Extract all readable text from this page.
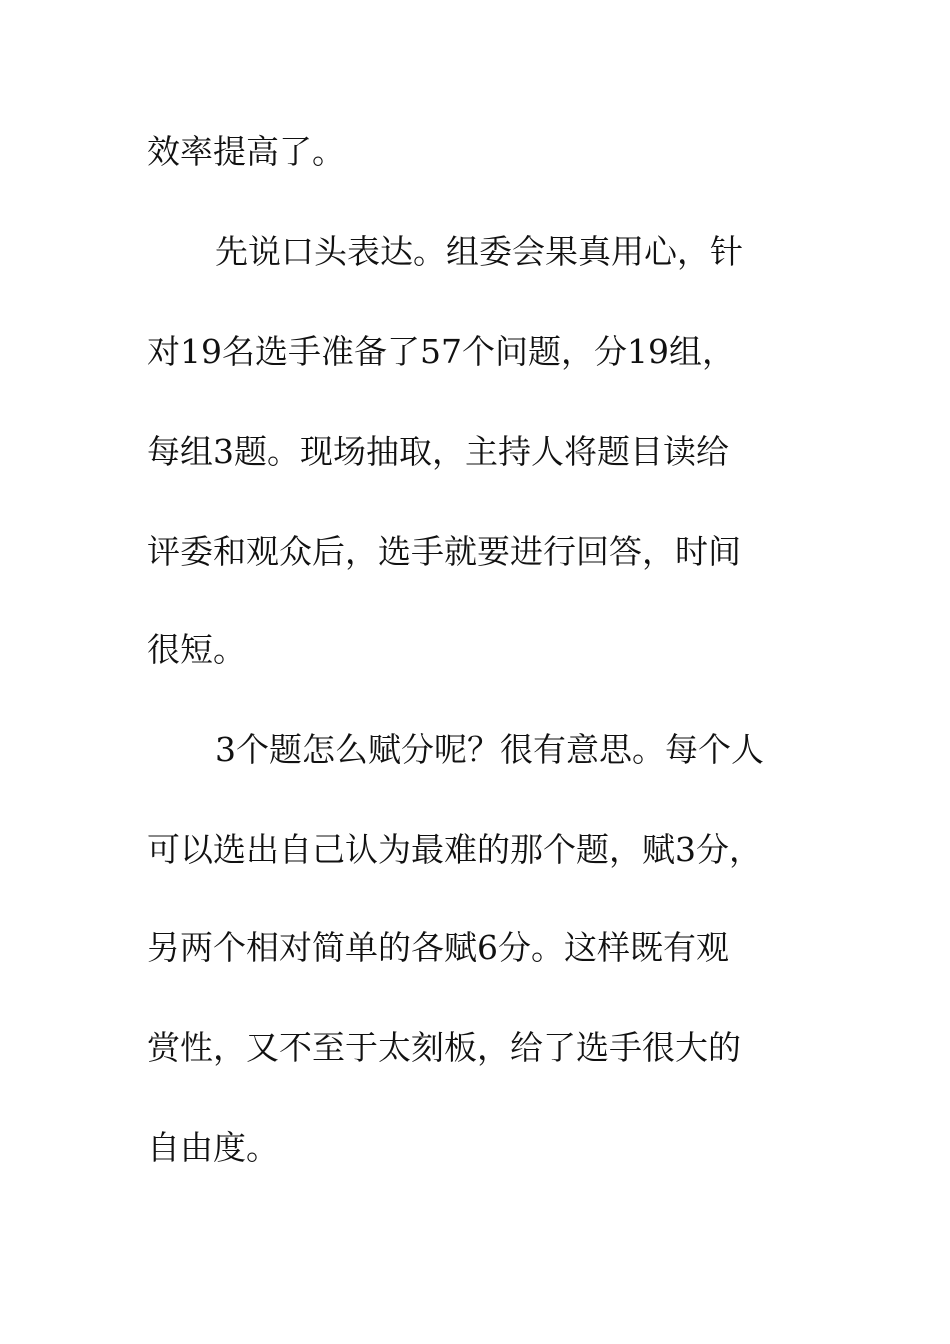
效率提高了。

先说口头表达。组委会果真用心，针

对19名选手准备了57个问题，分19组，

每组3题。现场抽取，主持人将题目读给

评委和观众后，选手就要进行回答，时间

很短。

3个题怎么赋分呢？很有意思。每个人

可以选出自己认为最难的那个题，赋3分，

另两个相对简单的各赋6分。这样既有观

赏性，又不至于太刻板，给了选手很大的

自由度。
